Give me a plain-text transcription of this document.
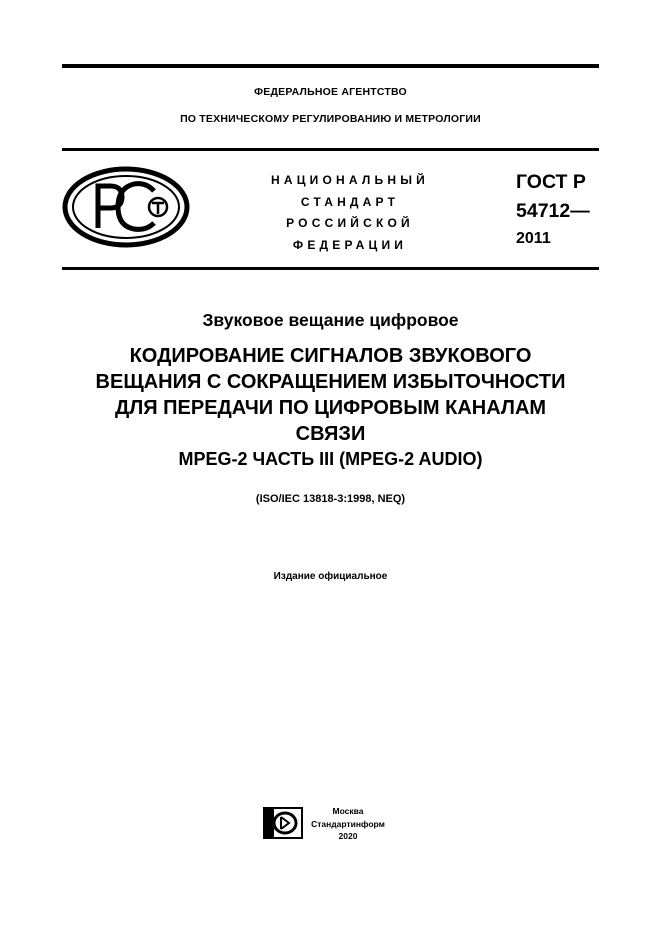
ФЕДЕРАЛЬНОЕ АГЕНТСТВО
ПО ТЕХНИЧЕСКОМУ РЕГУЛИРОВАНИЮ И МЕТРОЛОГИИ
НАЦИОНАЛЬНЫЙ
СТАНДАРТ
РОССИЙСКОЙ
ФЕДЕРАЦИИ
ГОСТ Р
54712—
2011
Звуковое вещание цифровое
КОДИРОВАНИЕ СИГНАЛОВ ЗВУКОВОГО
ВЕЩАНИЯ С СОКРАЩЕНИЕМ ИЗБЫТОЧНОСТИ
ДЛЯ ПЕРЕДАЧИ ПО ЦИФРОВЫМ КАНАЛАМ
СВЯЗИ
MPEG-2 ЧАСТЬ III (MPEG-2 AUDIO)
(ISO/IEC 13818-3:1998, NEQ)
Издание официальное
Москва
Стандартинформ
2020
